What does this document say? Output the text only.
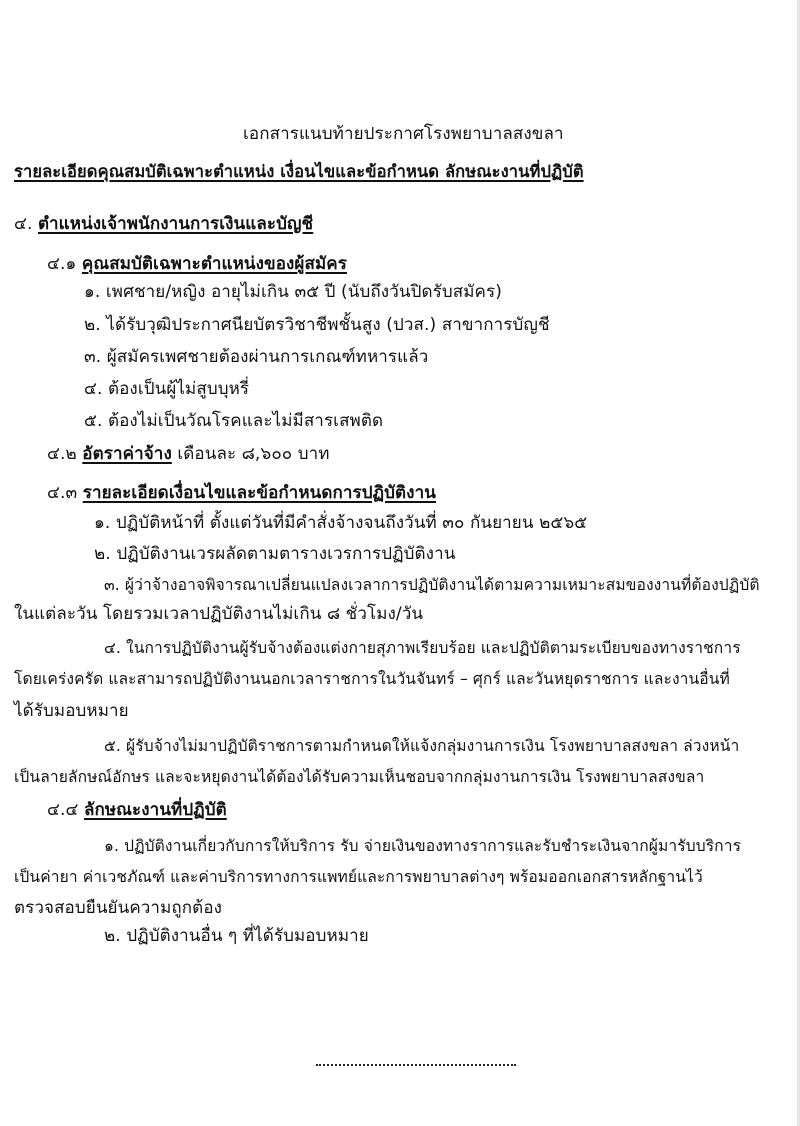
เอกสารแนบท้ายประกาศโรงพยาบาลสงขลา
รายละเอียดคุณสมบัติเฉพาะตำแหน่ง เงื่อนไขและข้อกำหนด ลักษณะงานที่ปฏิบัติ
๔. ตำแหน่งเจ้าพนักงานการเงินและบัญชี
๔.๑ คุณสมบัติเฉพาะตำแหน่งของผู้สมัคร
๑. เพศชาย/หญิง อายุไม่เกิน ๓๕ ปี (นับถึงวันปิดรับสมัคร)
๒. ได้รับวุฒิประกาศนียบัตรวิชาชีพชั้นสูง (ปวส.) สาขาการบัญชี
๓. ผู้สมัครเพศชายต้องผ่านการเกณฑ์ทหารแล้ว
๔. ต้องเป็นผู้ไม่สูบบุหรี่
๕. ต้องไม่เป็นวัณโรคและไม่มีสารเสพติด
๔.๒ อัตราค่าจ้าง เดือนละ ๘,๖๐๐ บาท
๔.๓ รายละเอียดเงื่อนไขและข้อกำหนดการปฏิบัติงาน
๑. ปฏิบัติหน้าที่ ตั้งแต่วันที่มีคำสั่งจ้างจนถึงวันที่ ๓๐ กันยายน ๒๕๖๕
๒. ปฏิบัติงานเวรผลัดตามตารางเวรการปฏิบัติงาน
๓. ผู้ว่าจ้างอาจพิจารณาเปลี่ยนแปลงเวลาการปฏิบัติงานได้ตามความเหมาะสมของงานที่ต้องปฏิบัติ
ในแต่ละวัน โดยรวมเวลาปฏิบัติงานไม่เกิน ๘ ชั่วโมง/วัน
๔. ในการปฏิบัติงานผู้รับจ้างต้องแต่งกายสุภาพเรียบร้อย และปฏิบัติตามระเบียบของทางราชการ
โดยเคร่งครัด และสามารถปฏิบัติงานนอกเวลาราชการในวันจันทร์ – ศุกร์ และวันหยุดราชการ และงานอื่นที่
ได้รับมอบหมาย
๕. ผู้รับจ้างไม่มาปฏิบัติราชการตามกำหนดให้แจ้งกลุ่มงานการเงิน โรงพยาบาลสงขลา ล่วงหน้า
เป็นลายลักษณ์อักษร และจะหยุดงานได้ต้องได้รับความเห็นชอบจากกลุ่มงานการเงิน โรงพยาบาลสงขลา
๔.๔ ลักษณะงานที่ปฏิบัติ
๑. ปฏิบัติงานเกี่ยวกับการให้บริการ รับ จ่ายเงินของทางราการและรับชำระเงินจากผู้มารับบริการ
เป็นค่ายา ค่าเวชภัณฑ์ และค่าบริการทางการแพทย์และการพยาบาลต่างๆ พร้อมออกเอกสารหลักฐานไว้
ตรวจสอบยืนยันความถูกต้อง
๒. ปฏิบัติงานอื่น ๆ ที่ได้รับมอบหมาย
